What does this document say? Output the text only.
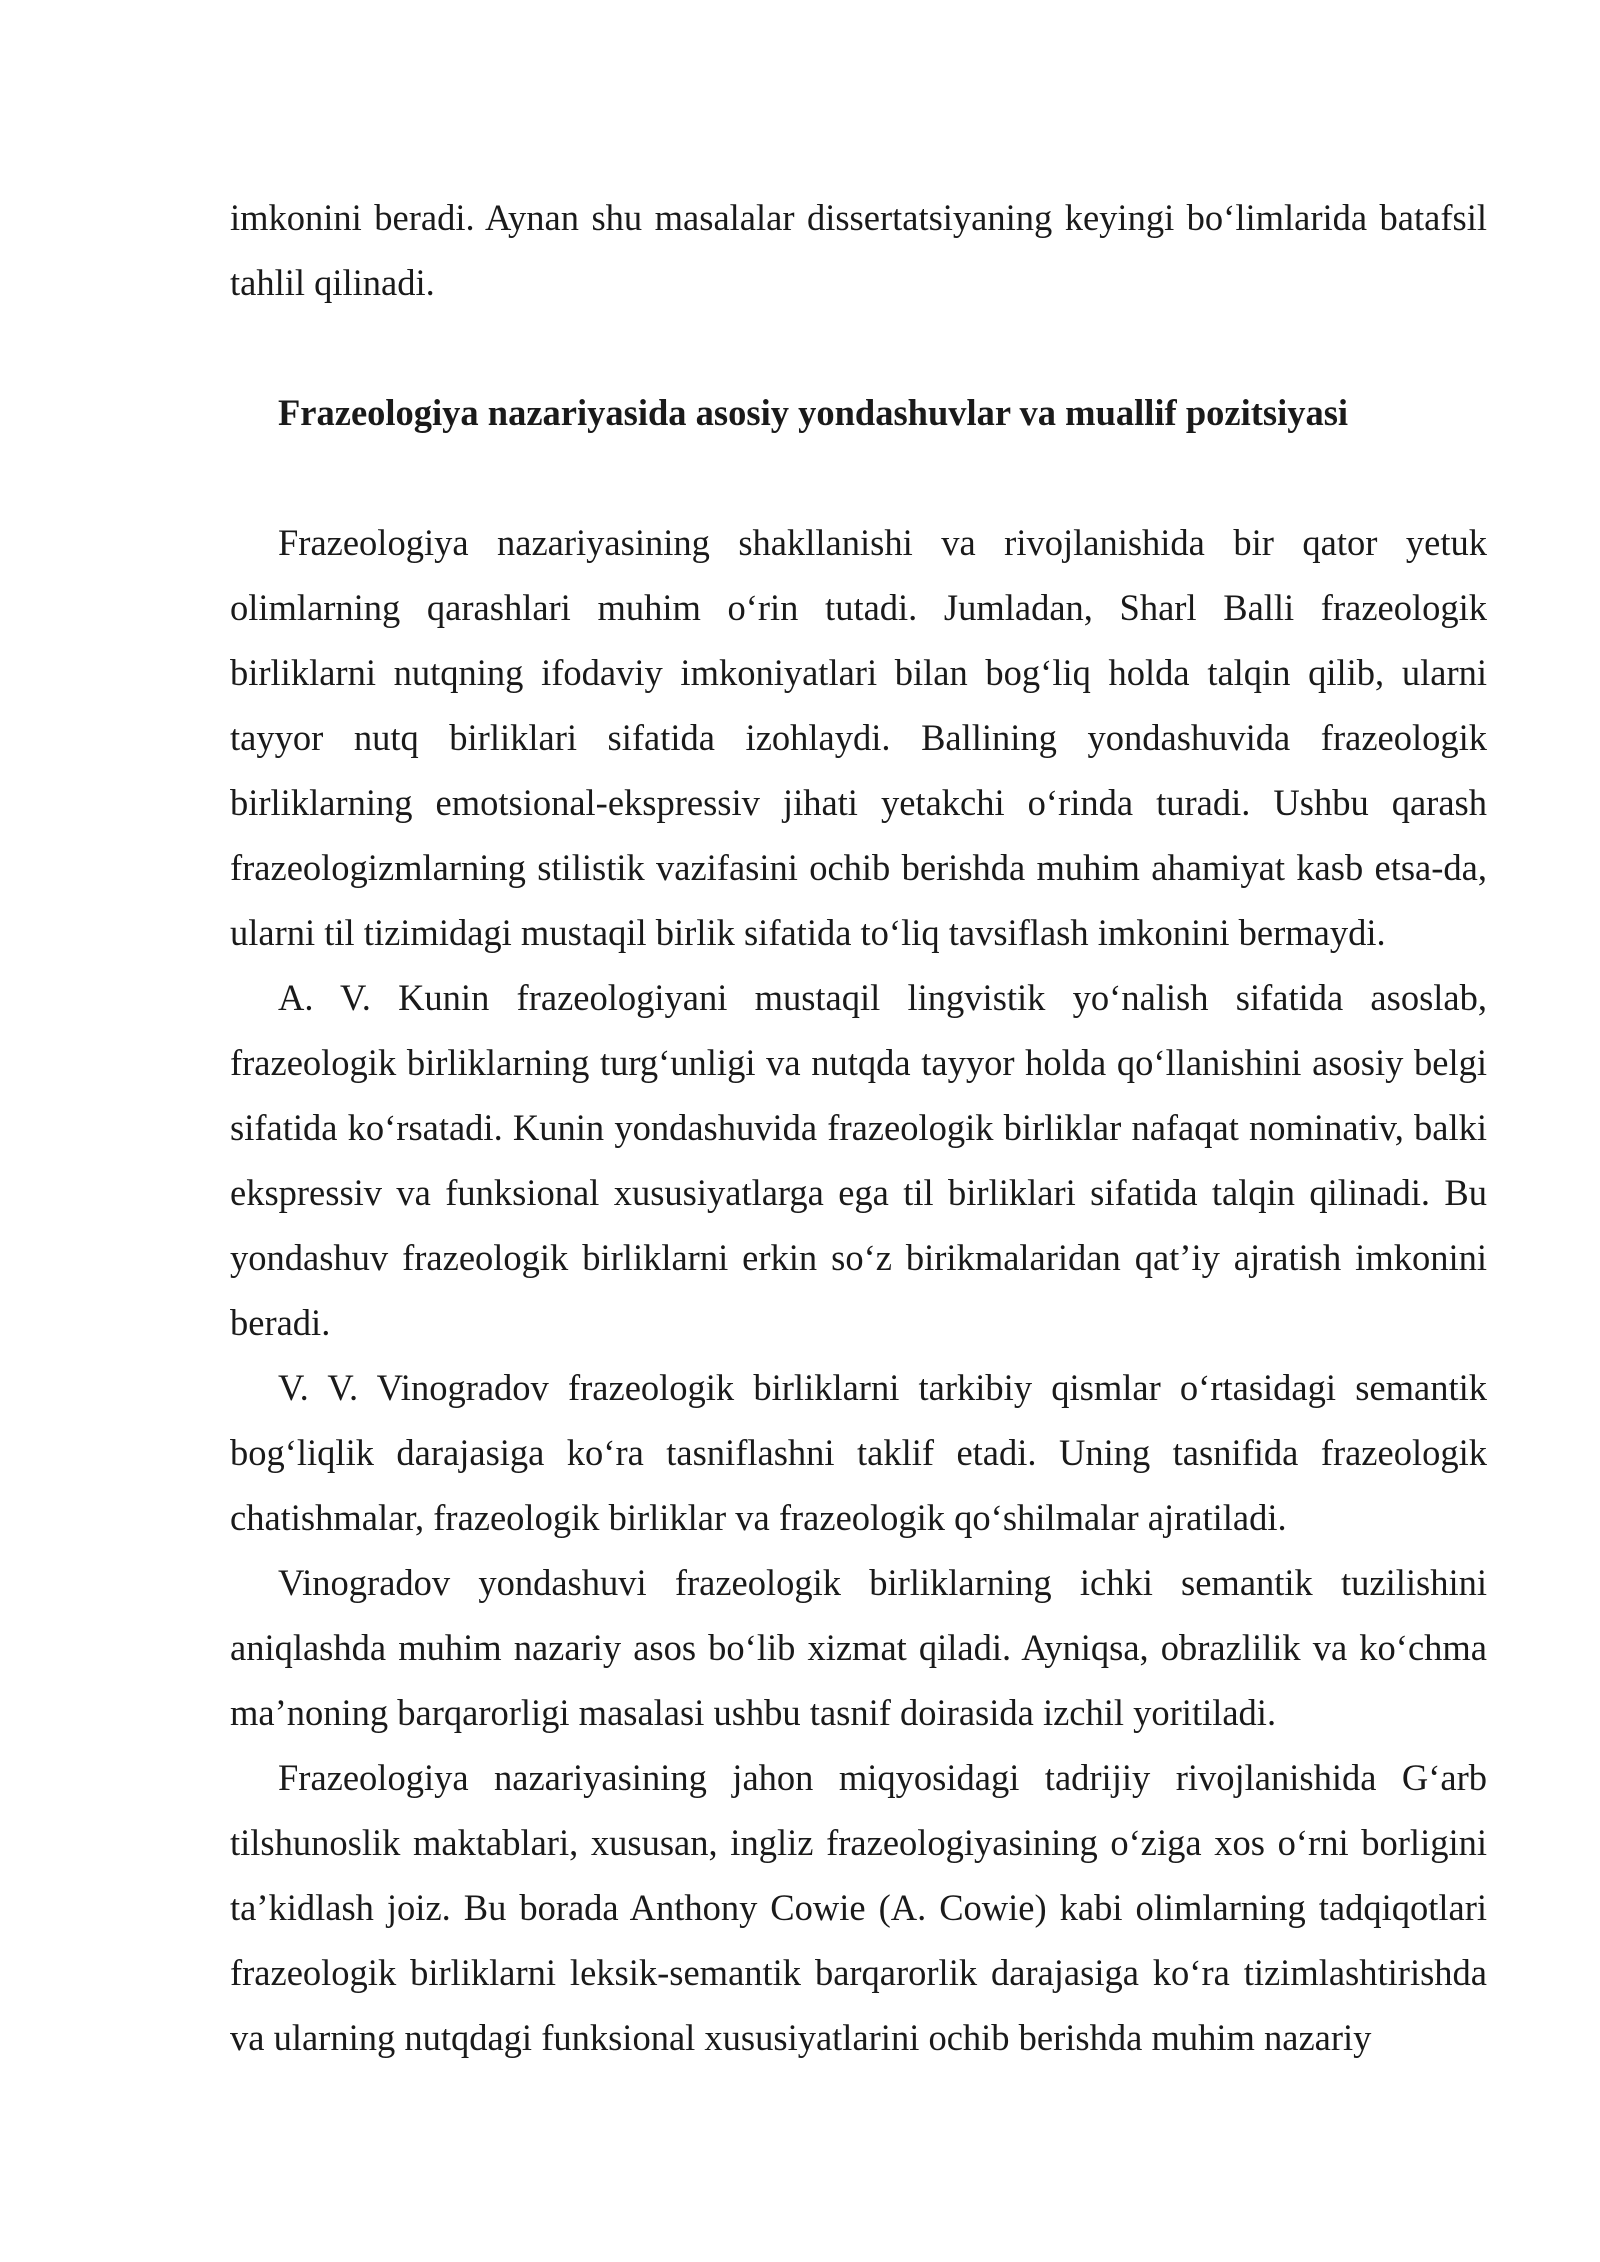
imkonini beradi. Aynan shu masalalar dissertatsiyaning keyingi bo‘limlarida batafsil tahlil qilinadi.

Frazeologiya nazariyasida asosiy yondashuvlar va muallif pozitsiyasi

Frazeologiya nazariyasining shakllanishi va rivojlanishida bir qator yetuk olimlarning qarashlari muhim o‘rin tutadi. Jumladan, Sharl Balli frazeologik birliklarni nutqning ifodaviy imkoniyatlari bilan bog‘liq holda talqin qilib, ularni tayyor nutq birliklari sifatida izohlaydi. Ballining yondashuvida frazeologik birliklarning emotsional-ekspressiv jihati yetakchi o‘rinda turadi. Ushbu qarash frazeologizmlarning stilistik vazifasini ochib berishda muhim ahamiyat kasb etsa-da, ularni til tizimidagi mustaqil birlik sifatida to‘liq tavsiflash imkonini bermaydi.

A. V. Kunin frazeologiyani mustaqil lingvistik yo‘nalish sifatida asoslab, frazeologik birliklarning turg‘unligi va nutqda tayyor holda qo‘llanishini asosiy belgi sifatida ko‘rsatadi. Kunin yondashuvida frazeologik birliklar nafaqat nominativ, balki ekspressiv va funksional xususiyatlarga ega til birliklari sifatida talqin qilinadi. Bu yondashuv frazeologik birliklarni erkin so‘z birikmalaridan qat’iy ajratish imkonini beradi.

V. V. Vinogradov frazeologik birliklarni tarkibiy qismlar o‘rtasidagi semantik bog‘liqlik darajasiga ko‘ra tasniflashni taklif etadi. Uning tasnifida frazeologik chatishmalar, frazeologik birliklar va frazeologik qo‘shilmalar ajratiladi.

Vinogradov yondashuvi frazeologik birliklarning ichki semantik tuzilishini aniqlashda muhim nazariy asos bo‘lib xizmat qiladi. Ayniqsa, obrazlilik va ko‘chma ma’noning barqarorligi masalasi ushbu tasnif doirasida izchil yoritiladi.

Frazeologiya nazariyasining jahon miqyosidagi tadrijiy rivojlanishida G‘arb tilshunoslik maktablari, xususan, ingliz frazeologiyasining o‘ziga xos o‘rni borligini ta’kidlash joiz. Bu borada Anthony Cowie (A. Cowie) kabi olimlarning tadqiqotlari frazeologik birliklarni leksik-semantik barqarorlik darajasiga ko‘ra tizimlashtirishda va ularning nutqdagi funksional xususiyatlarini ochib berishda muhim nazariy
